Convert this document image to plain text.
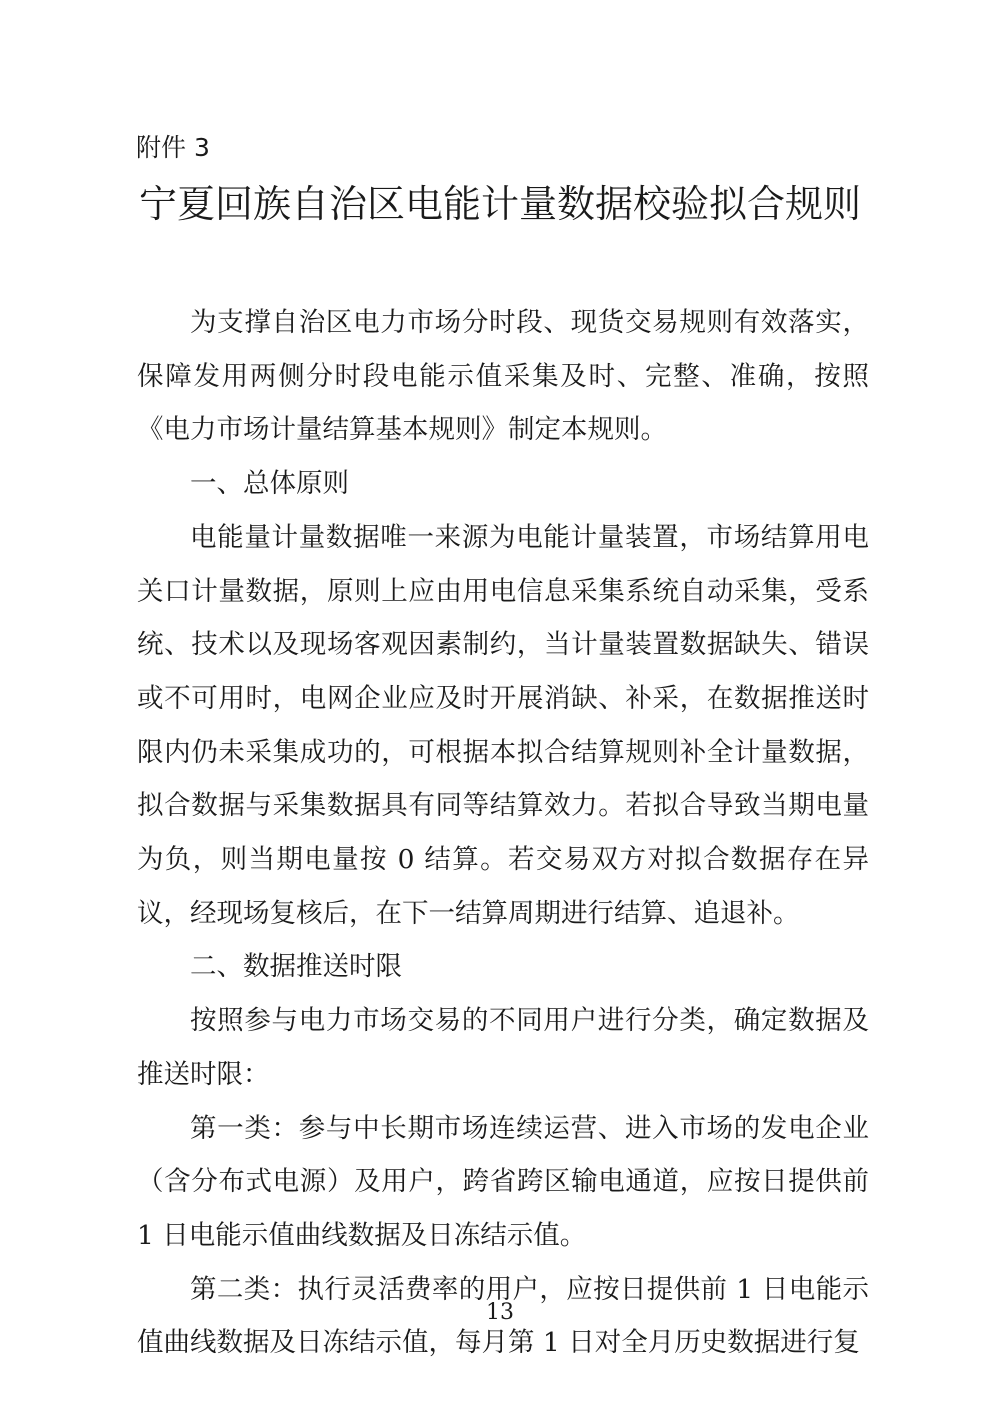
附件 3
宁夏回族自治区电能计量数据校验拟合规则

为支撑自治区电力市场分时段、现货交易规则有效落实，保障发用两侧分时段电能示值采集及时、完整、准确，按照《电力市场计量结算基本规则》制定本规则。

一、总体原则

电能量计量数据唯一来源为电能计量装置，市场结算用电关口计量数据，原则上应由用电信息采集系统自动采集，受系统、技术以及现场客观因素制约，当计量装置数据缺失、错误或不可用时，电网企业应及时开展消缺、补采，在数据推送时限内仍未采集成功的，可根据本拟合结算规则补全计量数据，拟合数据与采集数据具有同等结算效力。若拟合导致当期电量为负，则当期电量按 0 结算。若交易双方对拟合数据存在异议，经现场复核后，在下一结算周期进行结算、追退补。

二、数据推送时限

按照参与电力市场交易的不同用户进行分类，确定数据及推送时限：

第一类：参与中长期市场连续运营、进入市场的发电企业（含分布式电源）及用户，跨省跨区输电通道，应按日提供前 1 日电能示值曲线数据及日冻结示值。

第二类：执行灵活费率的用户，应按日提供前 1 日电能示值曲线数据及日冻结示值，每月第 1 日对全月历史数据进行复

13
